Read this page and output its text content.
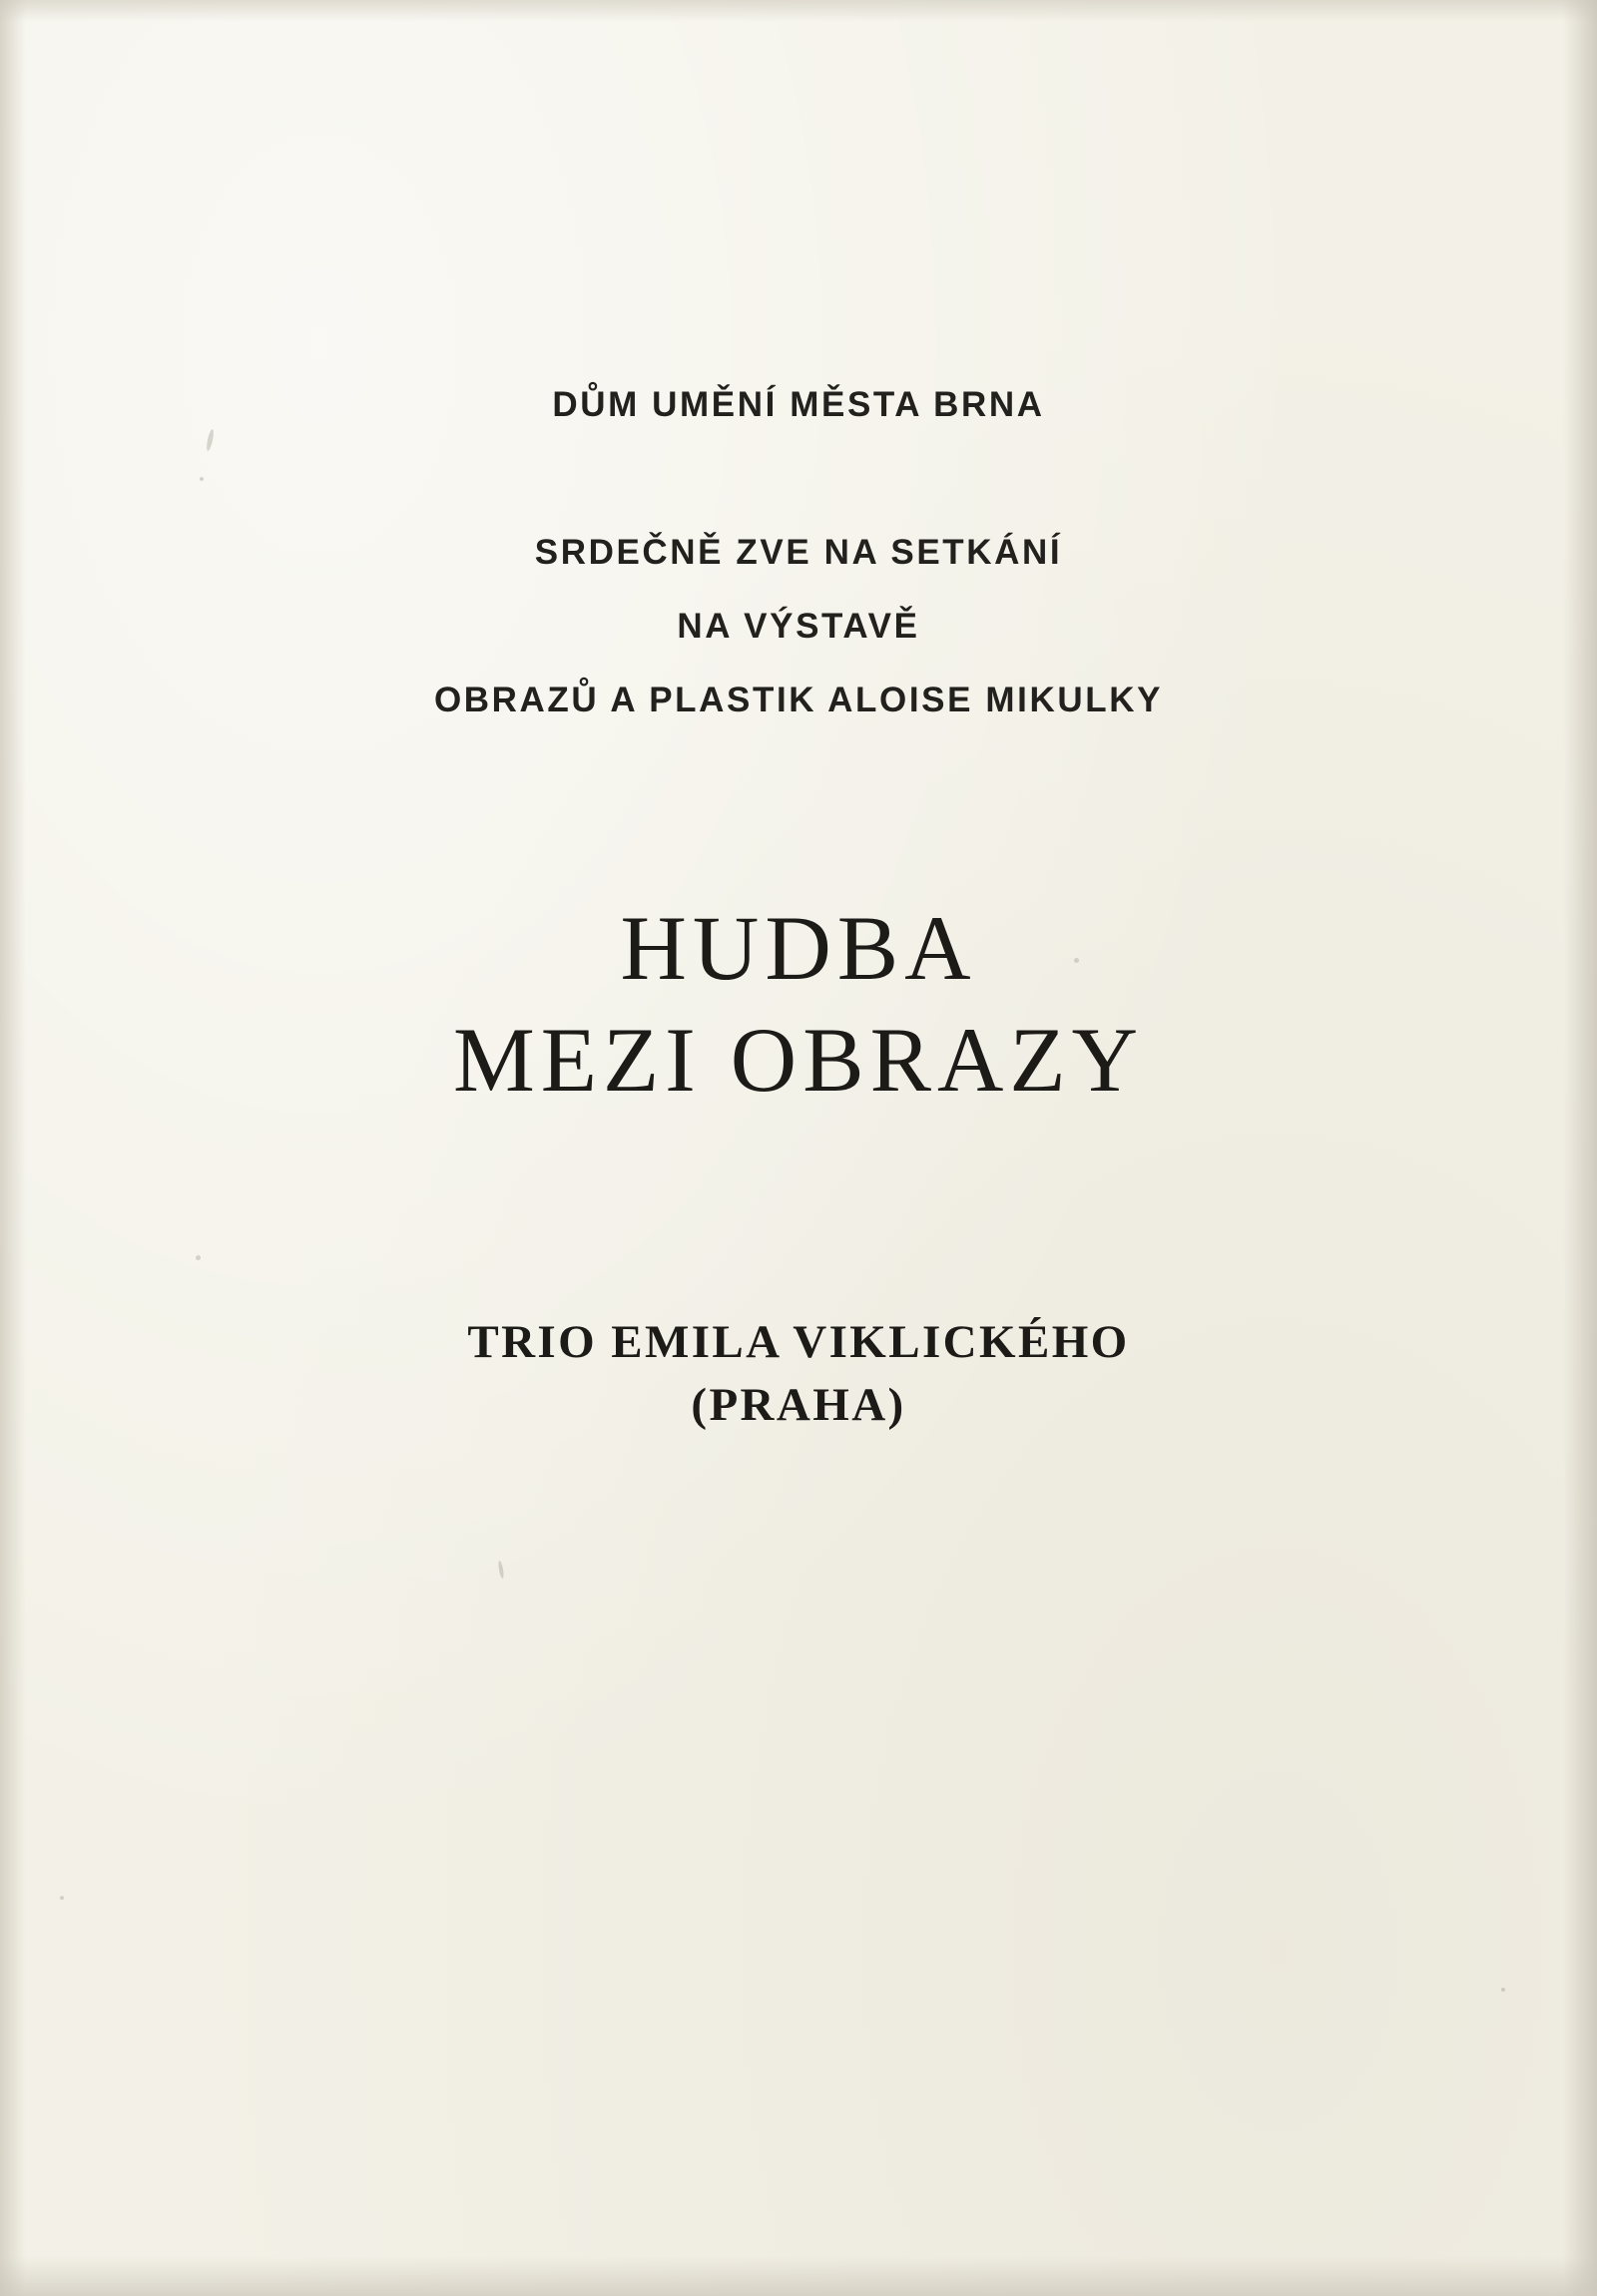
DŮM UMĚNÍ MĚSTA BRNA
SRDEČNĚ ZVE NA SETKÁNÍ
NA VÝSTAVĚ
OBRAZŮ A PLASTIK ALOISE MIKULKY
HUDBA
MEZI OBRAZY
TRIO EMILA VIKLICKÉHO
(PRAHA)
